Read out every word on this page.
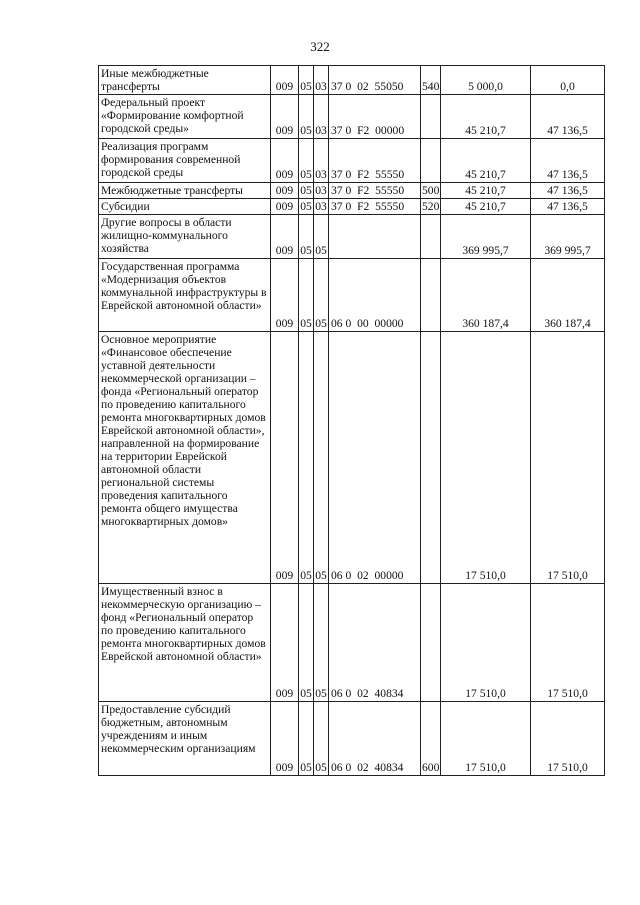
322
Иные межбюджетные трансферты	009	05	03	37 0  02  55050	540	5 000,0	0,0
Федеральный проект «Формирование комфортной городской среды»	009	05	03	37 0  F2  00000		45 210,7	47 136,5
Реализация программ формирования современной городской среды	009	05	03	37 0  F2  55550		45 210,7	47 136,5
Межбюджетные трансферты	009	05	03	37 0  F2  55550	500	45 210,7	47 136,5
Субсидии	009	05	03	37 0  F2  55550	520	45 210,7	47 136,5
Другие вопросы в области жилищно-коммунального хозяйства	009	05	05			369 995,7	369 995,7
Государственная программа «Модернизация объектов коммунальной инфраструктуры в Еврейской автономной области»	009	05	05	06 0  00  00000		360 187,4	360 187,4
Основное мероприятие «Финансовое обеспечение уставной деятельности некоммерческой организации – фонда «Региональный оператор по проведению капитального ремонта многоквартирных домов Еврейской автономной области», направленной на формирование на территории Еврейской автономной области региональной системы проведения капитального ремонта общего имущества многоквартирных домов»	009	05	05	06 0  02  00000		17 510,0	17 510,0
Имущественный взнос в некоммерческую организацию – фонд «Региональный оператор по проведению капитального ремонта многоквартирных домов Еврейской автономной области»	009	05	05	06 0  02  40834		17 510,0	17 510,0
Предоставление субсидий бюджетным, автономным учреждениям и иным некоммерческим организациям	009	05	05	06 0  02  40834	600	17 510,0	17 510,0
